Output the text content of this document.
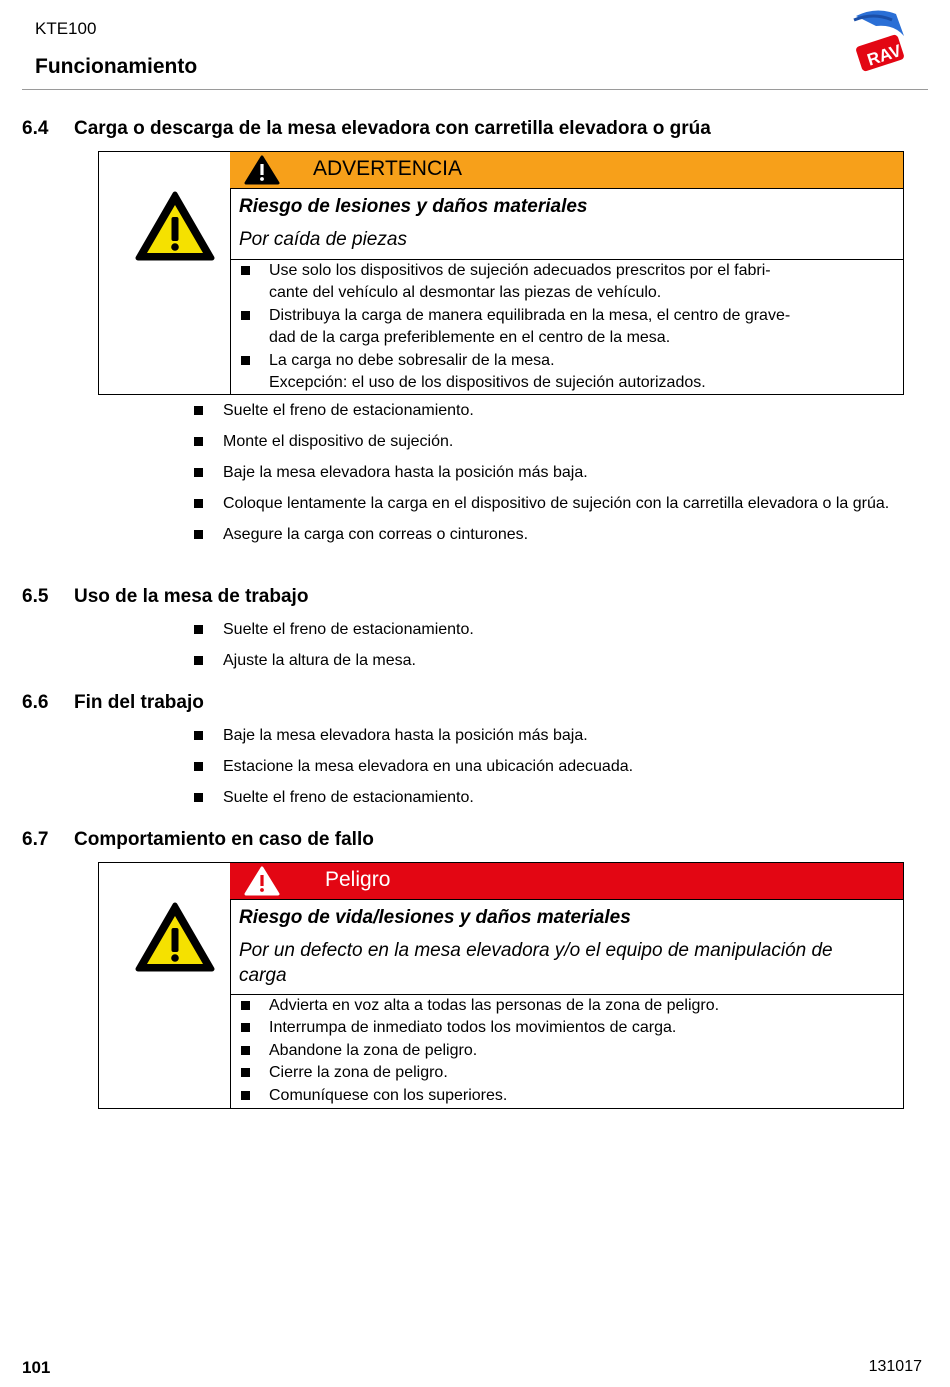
KTE100
Funcionamiento	RAV
6.4 Carga o descarga de la mesa elevadora con carretilla elevadora o grúa
ADVERTENCIA
Riesgo de lesiones y daños materiales
Por caída de piezas
Use solo los dispositivos de sujeción adecuados prescritos por el fabri-
cante del vehículo al desmontar las piezas de vehículo.
Distribuya la carga de manera equilibrada en la mesa, el centro de grave-
dad de la carga preferiblemente en el centro de la mesa.
La carga no debe sobresalir de la mesa.
Excepción: el uso de los dispositivos de sujeción autorizados.
Suelte el freno de estacionamiento.
Monte el dispositivo de sujeción.
Baje la mesa elevadora hasta la posición más baja.
Coloque lentamente la carga en el dispositivo de sujeción con la carretilla elevadora o la grúa.
Asegure la carga con correas o cinturones.
6.5 Uso de la mesa de trabajo
Suelte el freno de estacionamiento.
Ajuste la altura de la mesa.
6.6 Fin del trabajo
Baje la mesa elevadora hasta la posición más baja.
Estacione la mesa elevadora en una ubicación adecuada.
Suelte el freno de estacionamiento.
6.7 Comportamiento en caso de fallo
Peligro
Riesgo de vida/lesiones y daños materiales
Por un defecto en la mesa elevadora y/o el equipo de manipulación de carga
Advierta en voz alta a todas las personas de la zona de peligro.
Interrumpa de inmediato todos los movimientos de carga.
Abandone la zona de peligro.
Cierre la zona de peligro.
Comuníquese con los superiores.
101	131017
